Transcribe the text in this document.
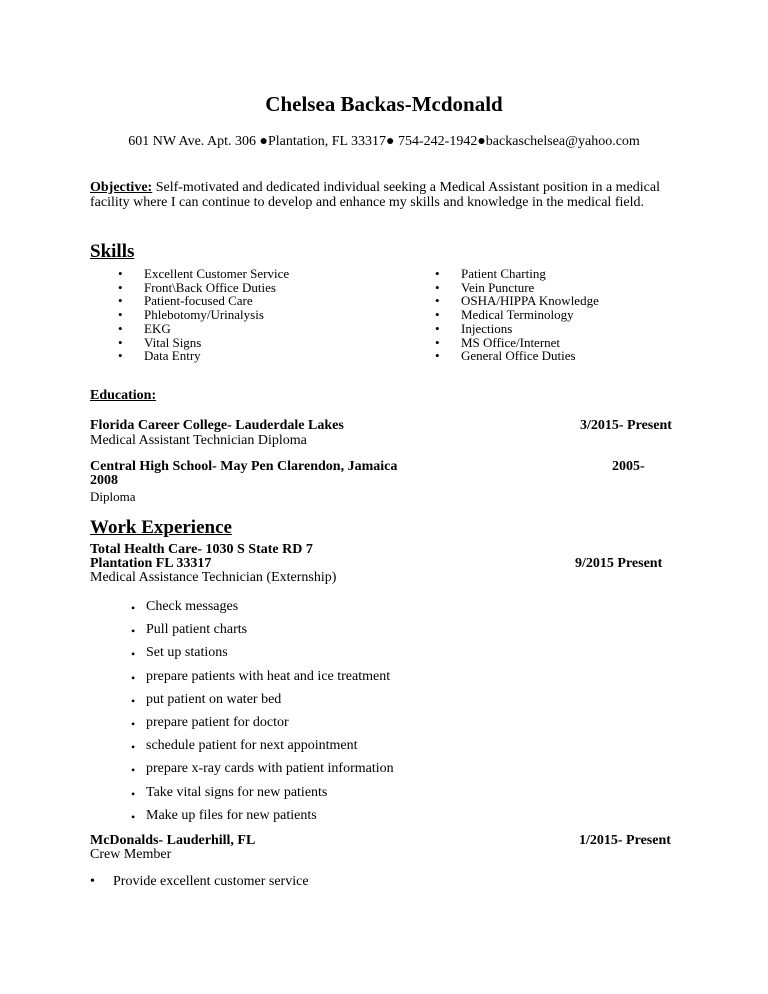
Chelsea Backas-Mcdonald
601 NW Ave. Apt. 306 ●Plantation, FL 33317● 754-242-1942●backaschelsea@yahoo.com
Objective: Self-motivated and dedicated individual seeking a Medical Assistant position in a medical facility where I can continue to develop and enhance my skills and knowledge in the medical field.
Skills
• Excellent Customer Service
• Front\Back Office Duties
• Patient-focused Care
• Phlebotomy/Urinalysis
• EKG
• Vital Signs
• Data Entry
• Patient Charting
• Vein Puncture
• OSHA/HIPPA Knowledge
• Medical Terminology
• Injections
• MS Office/Internet
• General Office Duties
Education:
Florida Career College- Lauderdale Lakes	3/2015- Present
Medical Assistant Technician Diploma
Central High School- May Pen Clarendon, Jamaica	2005-
2008
Diploma
Work Experience
Total Health Care- 1030 S State RD 7
Plantation FL 33317	9/2015 Present
Medical Assistance Technician (Externship)
• Check messages
• Pull patient charts
• Set up stations
• prepare patients with heat and ice treatment
• put patient on water bed
• prepare patient for doctor
• schedule patient for next appointment
• prepare x-ray cards with patient information
• Take vital signs for new patients
• Make up files for new patients
McDonalds- Lauderhill, FL	1/2015- Present
Crew Member
• Provide excellent customer service
